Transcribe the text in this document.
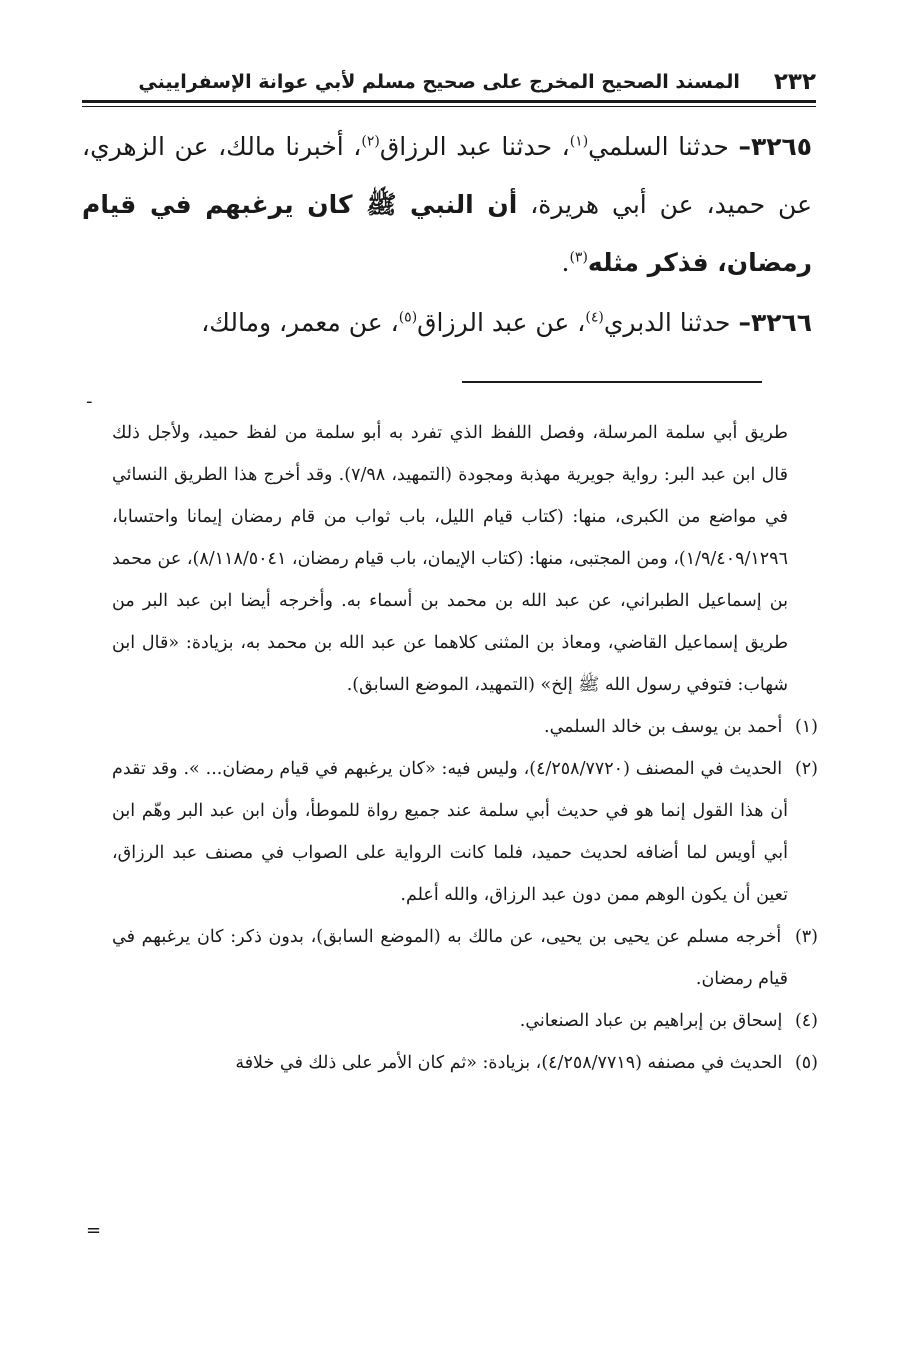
٢٣٢
المسند الصحيح المخرج على صحيح مسلم لأبي عوانة الإسفراييني

٣٢٦٥– حدثنا السلمي$^{(١)}$، حدثنا عبد الرزاق$^{(٢)}$، أخبرنا مالك، عن الزهري، عن حميد، عن أبي هريرة، أن النبي ﷺ كان يرغبهم في قيام رمضان، فذكر مثله$^{(٣)}$.

٣٢٦٦– حدثنا الدبري$^{(٤)}$، عن عبد الرزاق$^{(٥)}$، عن معمر، ومالك،

-

طريق أبي سلمة المرسلة، وفصل اللفظ الذي تفرد به أبو سلمة من لفظ حميد، ولأجل ذلك قال ابن عبد البر: رواية جويرية مهذبة ومجودة (التمهيد، ٧/٩٨). وقد أخرج هذا الطريق النسائي في مواضع من الكبرى، منها: (كتاب قيام الليل، باب ثواب من قام رمضان إيمانا واحتسابا، ١/٩/٤٠٩/١٢٩٦)، ومن المجتبى، منها: (كتاب الإيمان، باب قيام رمضان، ٨/١١٨/٥٠٤١)، عن محمد بن إسماعيل الطبراني، عن عبد الله بن محمد بن أسماء به. وأخرجه أيضا ابن عبد البر من طريق إسماعيل القاضي، ومعاذ بن المثنى كلاهما عن عبد الله بن محمد به، بزيادة: «قال ابن شهاب: فتوفي رسول الله ﷺ إلخ» (التمهيد، الموضع السابق).

(١) أحمد بن يوسف بن خالد السلمي.

(٢) الحديث في المصنف (٤/٢٥٨/٧٧٢٠)، وليس فيه: «كان يرغبهم في قيام رمضان... ». وقد تقدم أن هذا القول إنما هو في حديث أبي سلمة عند جميع رواة للموطأ، وأن ابن عبد البر وهّم ابن أبي أويس لما أضافه لحديث حميد، فلما كانت الرواية على الصواب في مصنف عبد الرزاق، تعين أن يكون الوهم ممن دون عبد الرزاق، والله أعلم.

(٣) أخرجه مسلم عن يحيى بن يحيى، عن مالك به (الموضع السابق)، بدون ذكر: كان يرغبهم في قيام رمضان.

(٤) إسحاق بن إبراهيم بن عباد الصنعاني.

(٥) الحديث في مصنفه (٤/٢٥٨/٧٧١٩)، بزيادة: «ثم كان الأمر على ذلك في خلافة

=
